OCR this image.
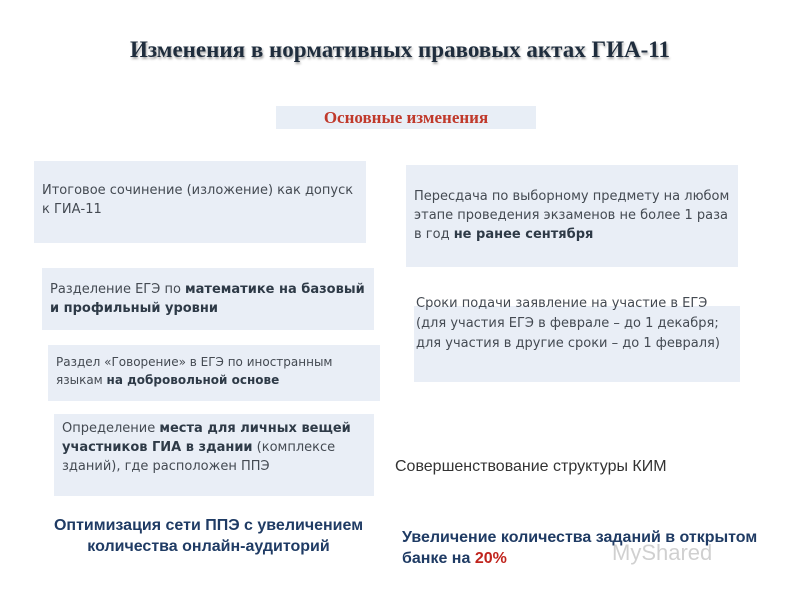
Изменения в нормативных правовых актах ГИА-11
Основные изменения
Итоговое сочинение (изложение) как допуск к ГИА-11
Пересдача по выборному предмету на любом этапе проведения экзаменов не более 1 раза в год не ранее сентября
Разделение ЕГЭ по математике на базовый и профильный уровни	Сроки подачи заявление на участие в ЕГЭ (для участия ЕГЭ в феврале – до 1 декабря;
для участия в другие сроки – до 1 февраля)
Раздел «Говорение» в ЕГЭ по иностранным языкам на добровольной основе
Определение места для личных вещей участников ГИА в здании (комплексе зданий), где расположен ППЭ	Совершенствование структуры КИМ
Оптимизация сети ППЭ с увеличением количества онлайн-аудиторий
Увеличение количества заданий в открытом банке на 20%	MyShared
